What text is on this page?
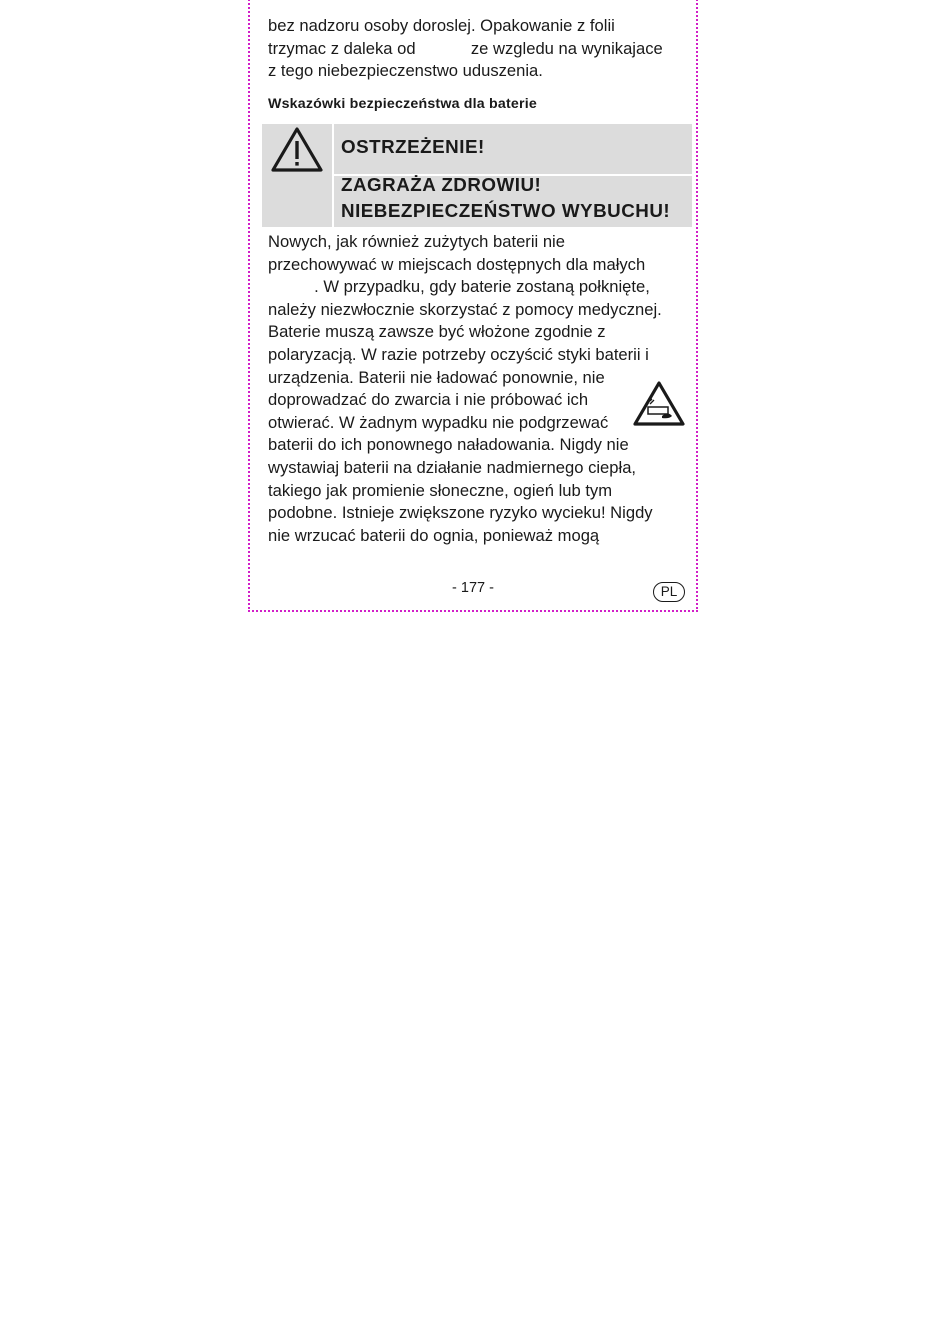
bez nadzoru osoby doroslej. Opakowanie z folii
trzymac z daleka od            ze wzgledu na wynikajace
z tego niebezpieczenstwo uduszenia.
Wskazówki bezpieczeństwa dla baterie
OSTRZEŻENIE!
ZAGRAŻA ZDROWIU!
NIEBEZPIECZEŃSTWO WYBUCHU!
Nowych, jak również zużytych baterii nie
przechowywać w miejscach dostępnych dla małych
. W przypadku, gdy baterie zostaną połknięte,
należy niezwłocznie skorzystać z pomocy medycznej.
Baterie muszą zawsze być włożone zgodnie z
polaryzacją. W razie potrzeby oczyścić styki baterii i
urządzenia. Baterii nie ładować ponownie, nie
doprowadzać do zwarcia i nie próbować ich
otwierać. W żadnym wypadku nie podgrzewać
baterii do ich ponownego naładowania. Nigdy nie
wystawiaj baterii na działanie nadmiernego ciepła,
takiego jak promienie słoneczne, ogień lub tym
podobne. Istnieje zwiększone ryzyko wycieku! Nigdy
nie wrzucać baterii do ognia, ponieważ mogą
- 177 -	PL
